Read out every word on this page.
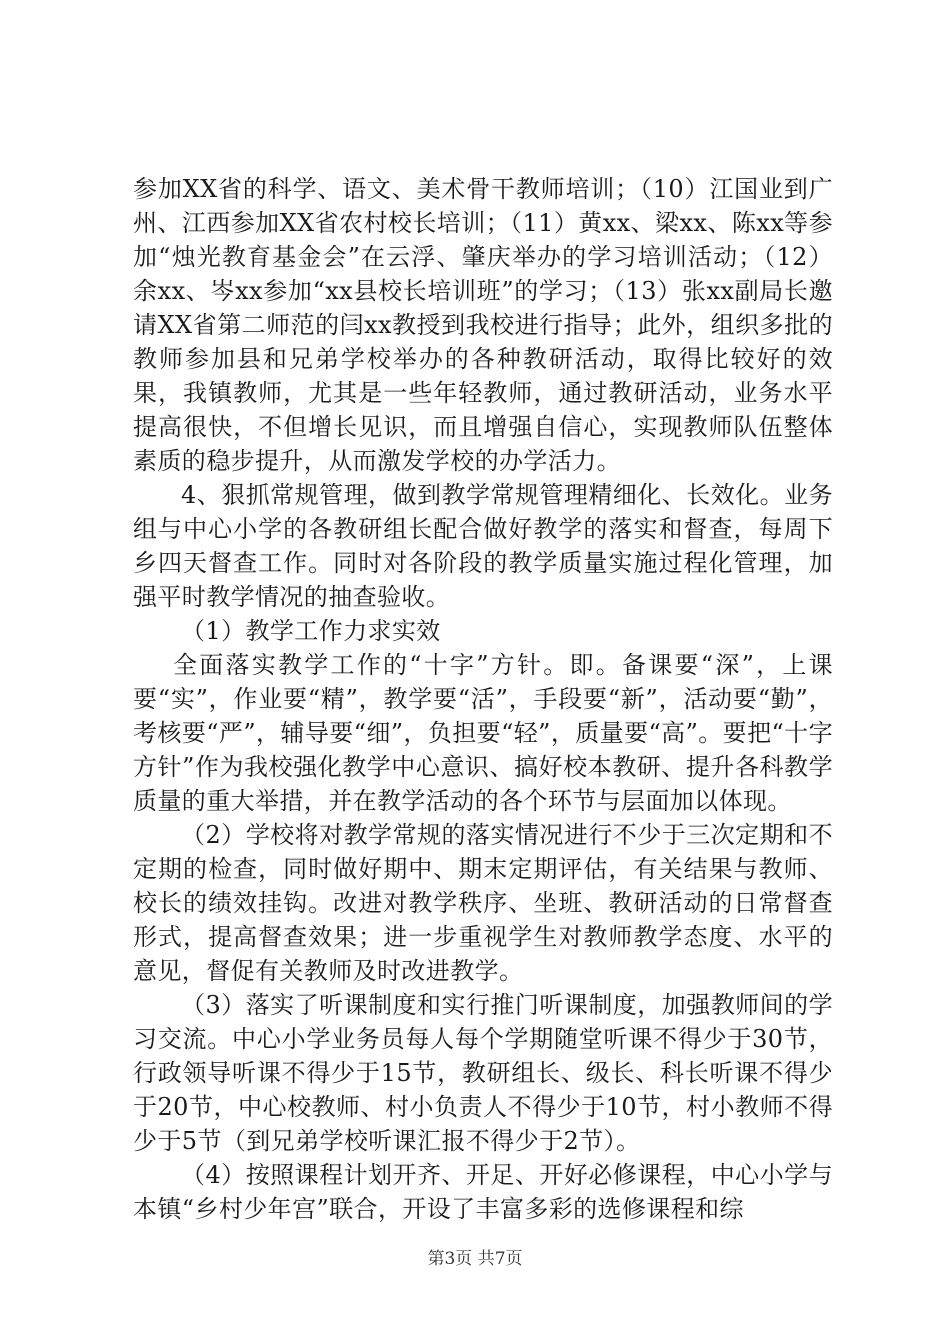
参加XX省的科学、语文、美术骨干教师培训；（10）江国业到广州、江西参加XX省农村校长培训；（11）黄xx、梁xx、陈xx等参加“烛光教育基金会”在云浮、肇庆举办的学习培训活动；（12）余xx、岑xx参加“xx县校长培训班”的学习；（13）张xx副局长邀请XX省第二师范的闫xx教授到我校进行指导；此外，组织多批的教师参加县和兄弟学校举办的各种教研活动，取得比较好的效果，我镇教师，尤其是一些年轻教师，通过教研活动，业务水平提高很快，不但增长见识，而且增强自信心，实现教师队伍整体素质的稳步提升，从而激发学校的办学活力。

4、狠抓常规管理，做到教学常规管理精细化、长效化。业务组与中心小学的各教研组长配合做好教学的落实和督查，每周下乡四天督查工作。同时对各阶段的教学质量实施过程化管理，加强平时教学情况的抽查验收。

（1）教学工作力求实效

全面落实教学工作的“十字”方针。即。备课要“深”，上课要“实”，作业要“精”，教学要“活”，手段要“新”，活动要“勤”，考核要“严”，辅导要“细”，负担要“轻”，质量要“高”。要把“十字方针”作为我校强化教学中心意识、搞好校本教研、提升各科教学质量的重大举措，并在教学活动的各个环节与层面加以体现。

（2）学校将对教学常规的落实情况进行不少于三次定期和不定期的检查，同时做好期中、期末定期评估，有关结果与教师、校长的绩效挂钩。改进对教学秩序、坐班、教研活动的日常督查形式，提高督查效果；进一步重视学生对教师教学态度、水平的意见，督促有关教师及时改进教学。

（3）落实了听课制度和实行推门听课制度，加强教师间的学习交流。中心小学业务员每人每个学期随堂听课不得少于30节，行政领导听课不得少于15节，教研组长、级长、科长听课不得少于20节，中心校教师、村小负责人不得少于10节，村小教师不得少于5节（到兄弟学校听课汇报不得少于2节）。

（4）按照课程计划开齐、开足、开好必修课程，中心小学与本镇“乡村少年宫”联合，开设了丰富多彩的选修课程和综

第3页 共7页
